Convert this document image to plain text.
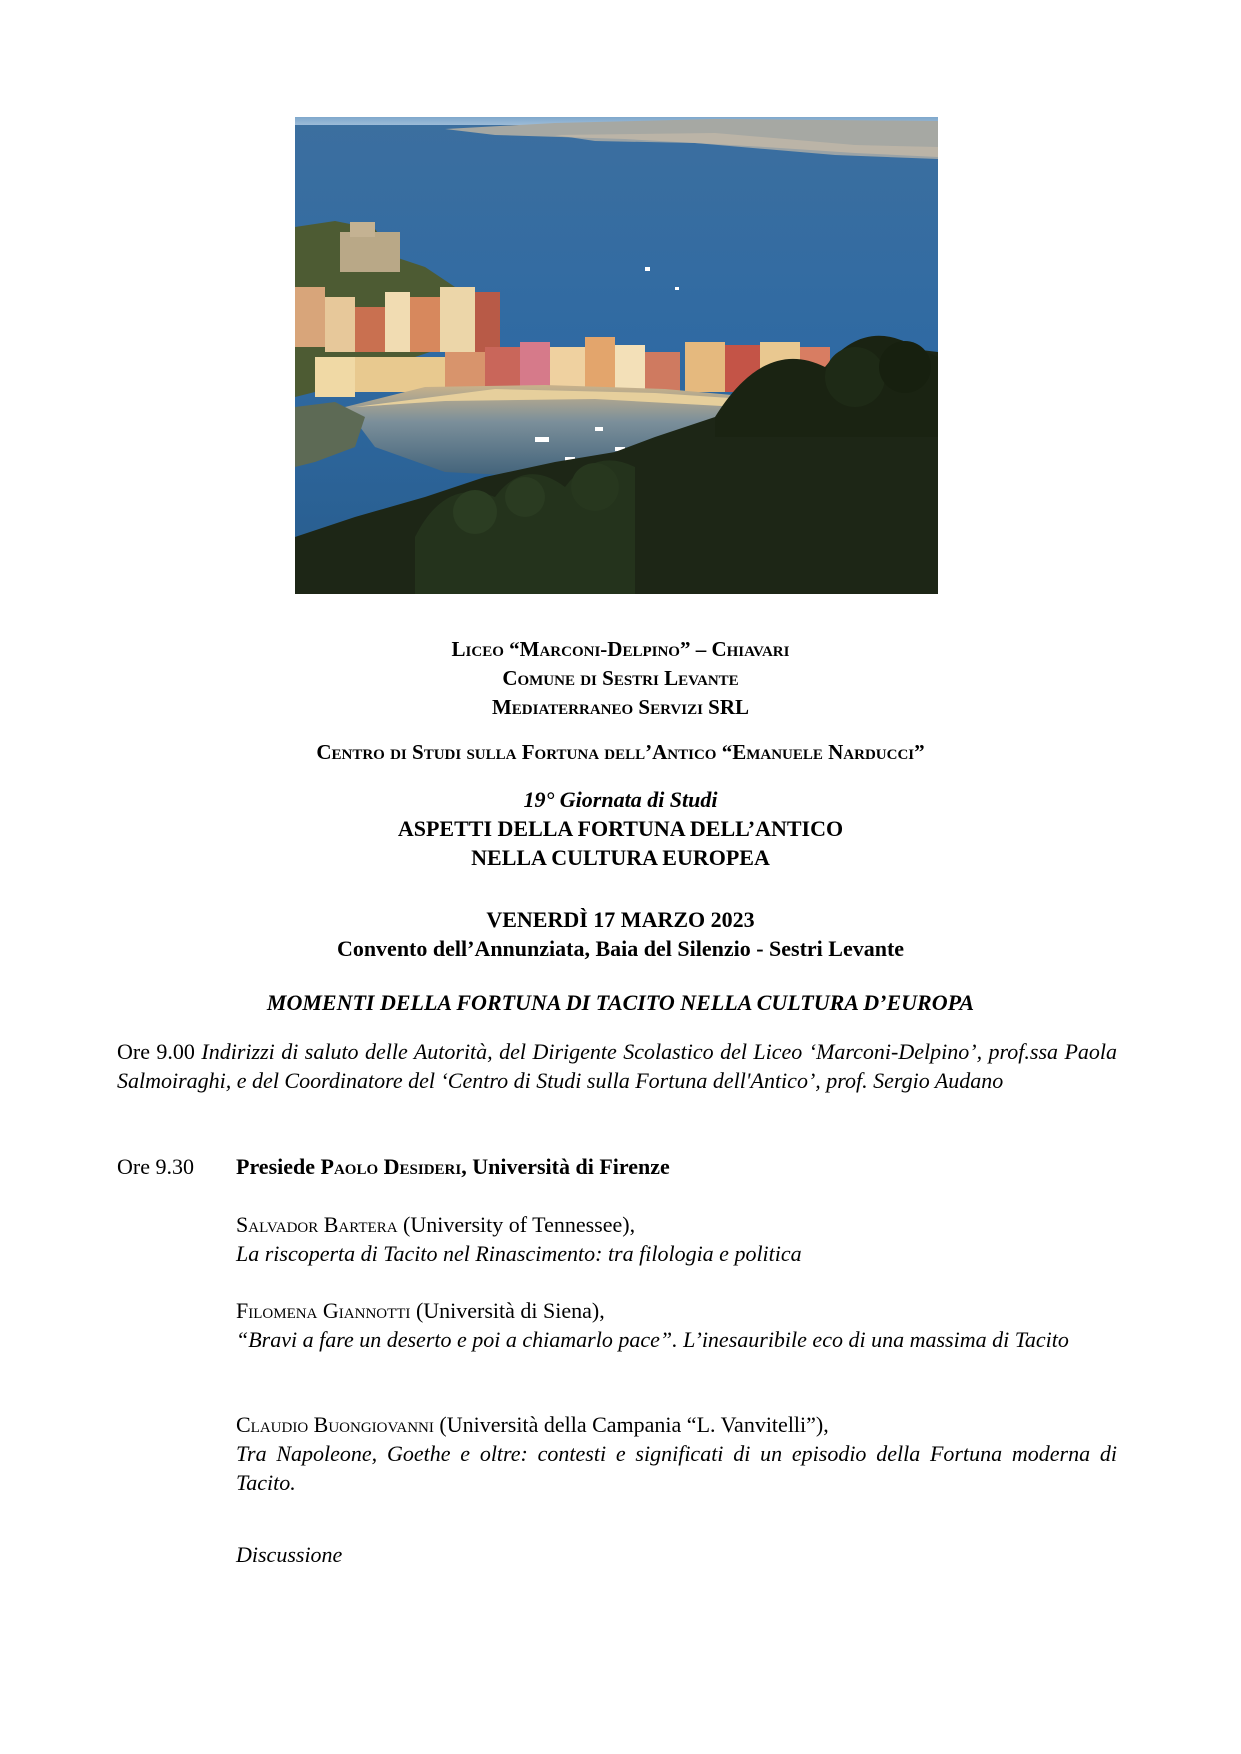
Liceo “Marconi-Delpino” – Chiavari
Comune di Sestri Levante
Mediaterraneo Servizi SRL
Centro di Studi sulla Fortuna dell’Antico “Emanuele Narducci”
19° Giornata di Studi
ASPETTI DELLA FORTUNA DELL’ANTICO
NELLA CULTURA EUROPEA
VENERDÌ 17 MARZO 2023
Convento dell’Annunziata, Baia del Silenzio - Sestri Levante
MOMENTI DELLA FORTUNA DI TACITO NELLA CULTURA D’EUROPA
Ore 9.00 Indirizzi di saluto delle Autorità, del Dirigente Scolastico del Liceo ‘Marconi-Delpino’, prof.ssa Paola Salmoiraghi, e del Coordinatore del ‘Centro di Studi sulla Fortuna dell'Antico’, prof. Sergio Audano
Ore 9.30 Presiede Paolo Desideri, Università di Firenze
Salvador Bartera (University of Tennessee),
La riscoperta di Tacito nel Rinascimento: tra filologia e politica
Filomena Giannotti (Università di Siena),
“Bravi a fare un deserto e poi a chiamarlo pace”. L’inesauribile eco di una massima di Tacito
Claudio Buongiovanni (Università della Campania “L. Vanvitelli”),
Tra Napoleone, Goethe e oltre: contesti e significati di un episodio della Fortuna moderna di Tacito.
Discussione
